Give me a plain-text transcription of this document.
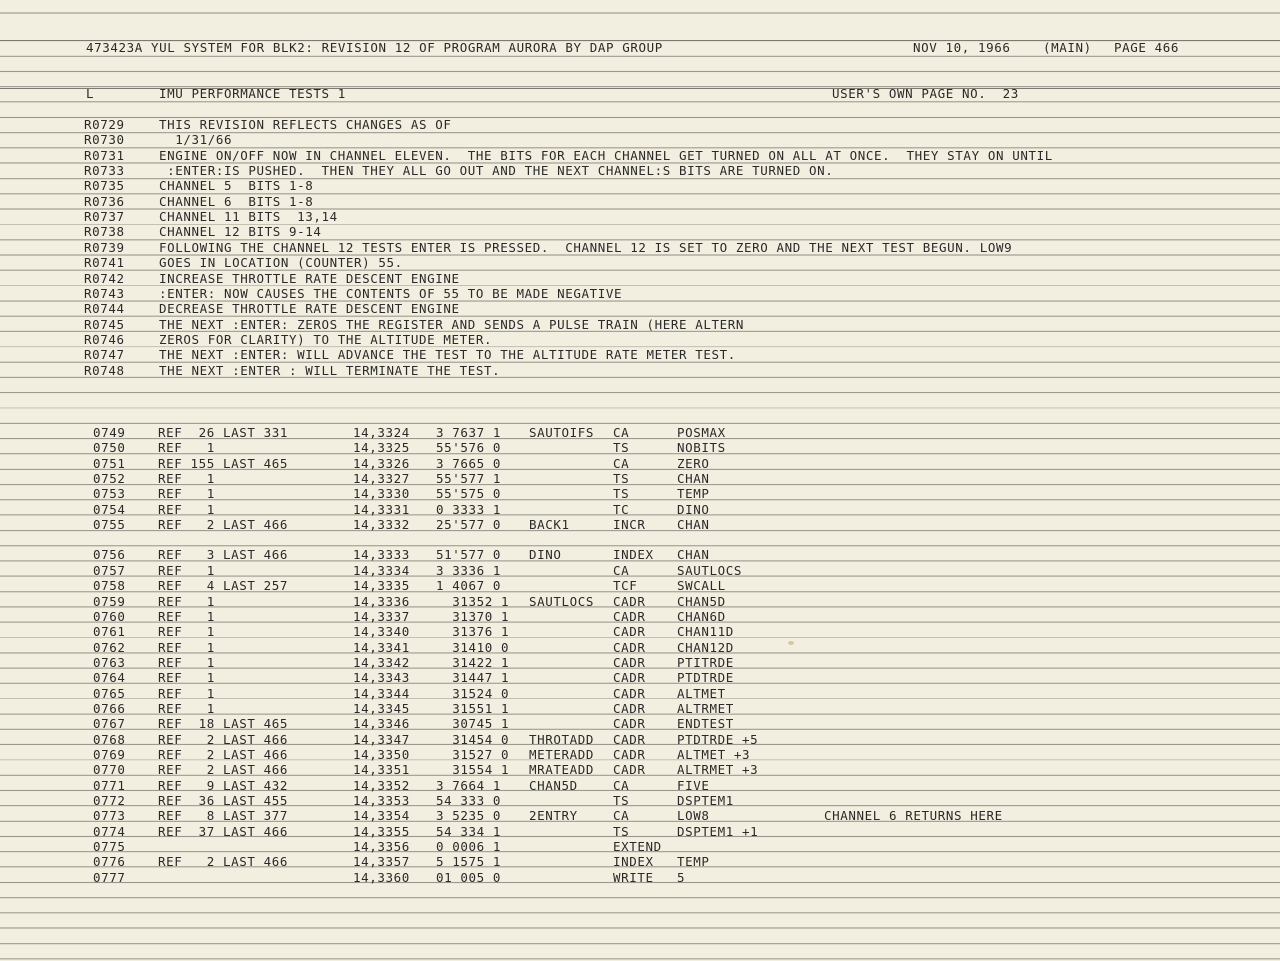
473423A YUL SYSTEM FOR BLK2: REVISION 12 OF PROGRAM AURORA BY DAP GROUP

	NOV 10, 1966

	(MAIN)

PAGE 466

L

	IMU PERFORMANCE TESTS 1

	USER'S OWN PAGE NO.  23

R0729	THIS REVISION REFLECTS CHANGES AS OF
R0730	1/31/66
R0731	ENGINE ON/OFF NOW IN CHANNEL ELEVEN.  THE BITS FOR EACH CHANNEL GET TURNED ON ALL AT ONCE.  THEY STAY ON UNTIL
R0733	:ENTER:IS PUSHED.  THEN THEY ALL GO OUT AND THE NEXT CHANNEL:S BITS ARE TURNED ON.
R0735	CHANNEL 5  BITS 1-8
R0736	CHANNEL 6  BITS 1-8
R0737	CHANNEL 11 BITS  13,14
R0738	CHANNEL 12 BITS 9-14
R0739	FOLLOWING THE CHANNEL 12 TESTS ENTER IS PRESSED.  CHANNEL 12 IS SET TO ZERO AND THE NEXT TEST BEGUN. LOW9
R0741	GOES IN LOCATION (COUNTER) 55.
R0742	INCREASE THROTTLE RATE DESCENT ENGINE
R0743	:ENTER: NOW CAUSES THE CONTENTS OF 55 TO BE MADE NEGATIVE
R0744	DECREASE THROTTLE RATE DESCENT ENGINE
R0745	THE NEXT :ENTER: ZEROS THE REGISTER AND SENDS A PULSE TRAIN (HERE ALTERN
R0746	ZEROS FOR CLARITY) TO THE ALTITUDE METER.
R0747	THE NEXT :ENTER: WILL ADVANCE THE TEST TO THE ALTITUDE RATE METER TEST.
R0748	THE NEXT :ENTER : WILL TERMINATE THE TEST.
0749	REF  26 LAST 331	14,3324 3 7637 1 SAUTOIFS CA	POSMAX
0750	REF   1	14,3325 55'576 0	TS	NOBITS
0751	REF 155 LAST 465	14,3326 3 7665 0	CA	ZERO
0752	REF   1	14,3327 55'577 1	TS	CHAN
0753	REF   1	14,3330 55'575 0	TS	TEMP
0754	REF   1	14,3331 0 3333 1	TC	DINO
0755	REF   2 LAST 466	14,3332 25'577 0 BACK1	INCR	CHAN
0756	REF   3 LAST 466	14,3333 51'577 0 DINO	INDEX CHAN
0757	REF   1	14,3334 3 3336 1	CA	SAUTLOCS
0758	REF   4 LAST 257	14,3335 1 4067 0	TCF	SWCALL
0759	REF   1	14,3336 31352 1 SAUTLOCS CADR	CHAN5D
0760	REF   1	14,3337 31370 1	CADR	CHAN6D
0761	REF   1	14,3340 31376 1	CADR	CHAN11D
0762	REF   1	14,3341 31410 0	CADR	CHAN12D
0763	REF   1	14,3342 31422 1	CADR	PTITRDE
0764	REF   1	14,3343 31447 1	CADR	PTDTRDE
0765	REF   1	14,3344 31524 0	CADR	ALTMET
0766	REF   1	14,3345 31551 1	CADR	ALTRMET
0767	REF  18 LAST 465	14,3346 30745 1	CADR	ENDTEST
0768	REF   2 LAST 466	14,3347 31454 0 THROTADD CADR	PTDTRDE +5
0769	REF   2 LAST 466	14,3350 31527 0 METERADD CADR	ALTMET +3
0770	REF   2 LAST 466	14,3351 31554 1 MRATEADD CADR	ALTRMET +3
0771	REF   9 LAST 432	14,3352 3 7664 1 CHAN5D	CA	FIVE
0772	REF  36 LAST 455	14,3353 54 333 0	TS	DSPTEM1
0773	REF   8 LAST 377	14,3354 3 5235 0 2ENTRY	CA	LOW8	CHANNEL 6 RETURNS HERE
0774	REF  37 LAST 466	14,3355 54 334 1	TS	DSPTEM1 +1
0775	14,3356 0 0006 1	EXTEND
0776	REF   2 LAST 466	14,3357 5 1575 1	INDEX TEMP
0777	14,3360 01 005 0	WRITE 5
